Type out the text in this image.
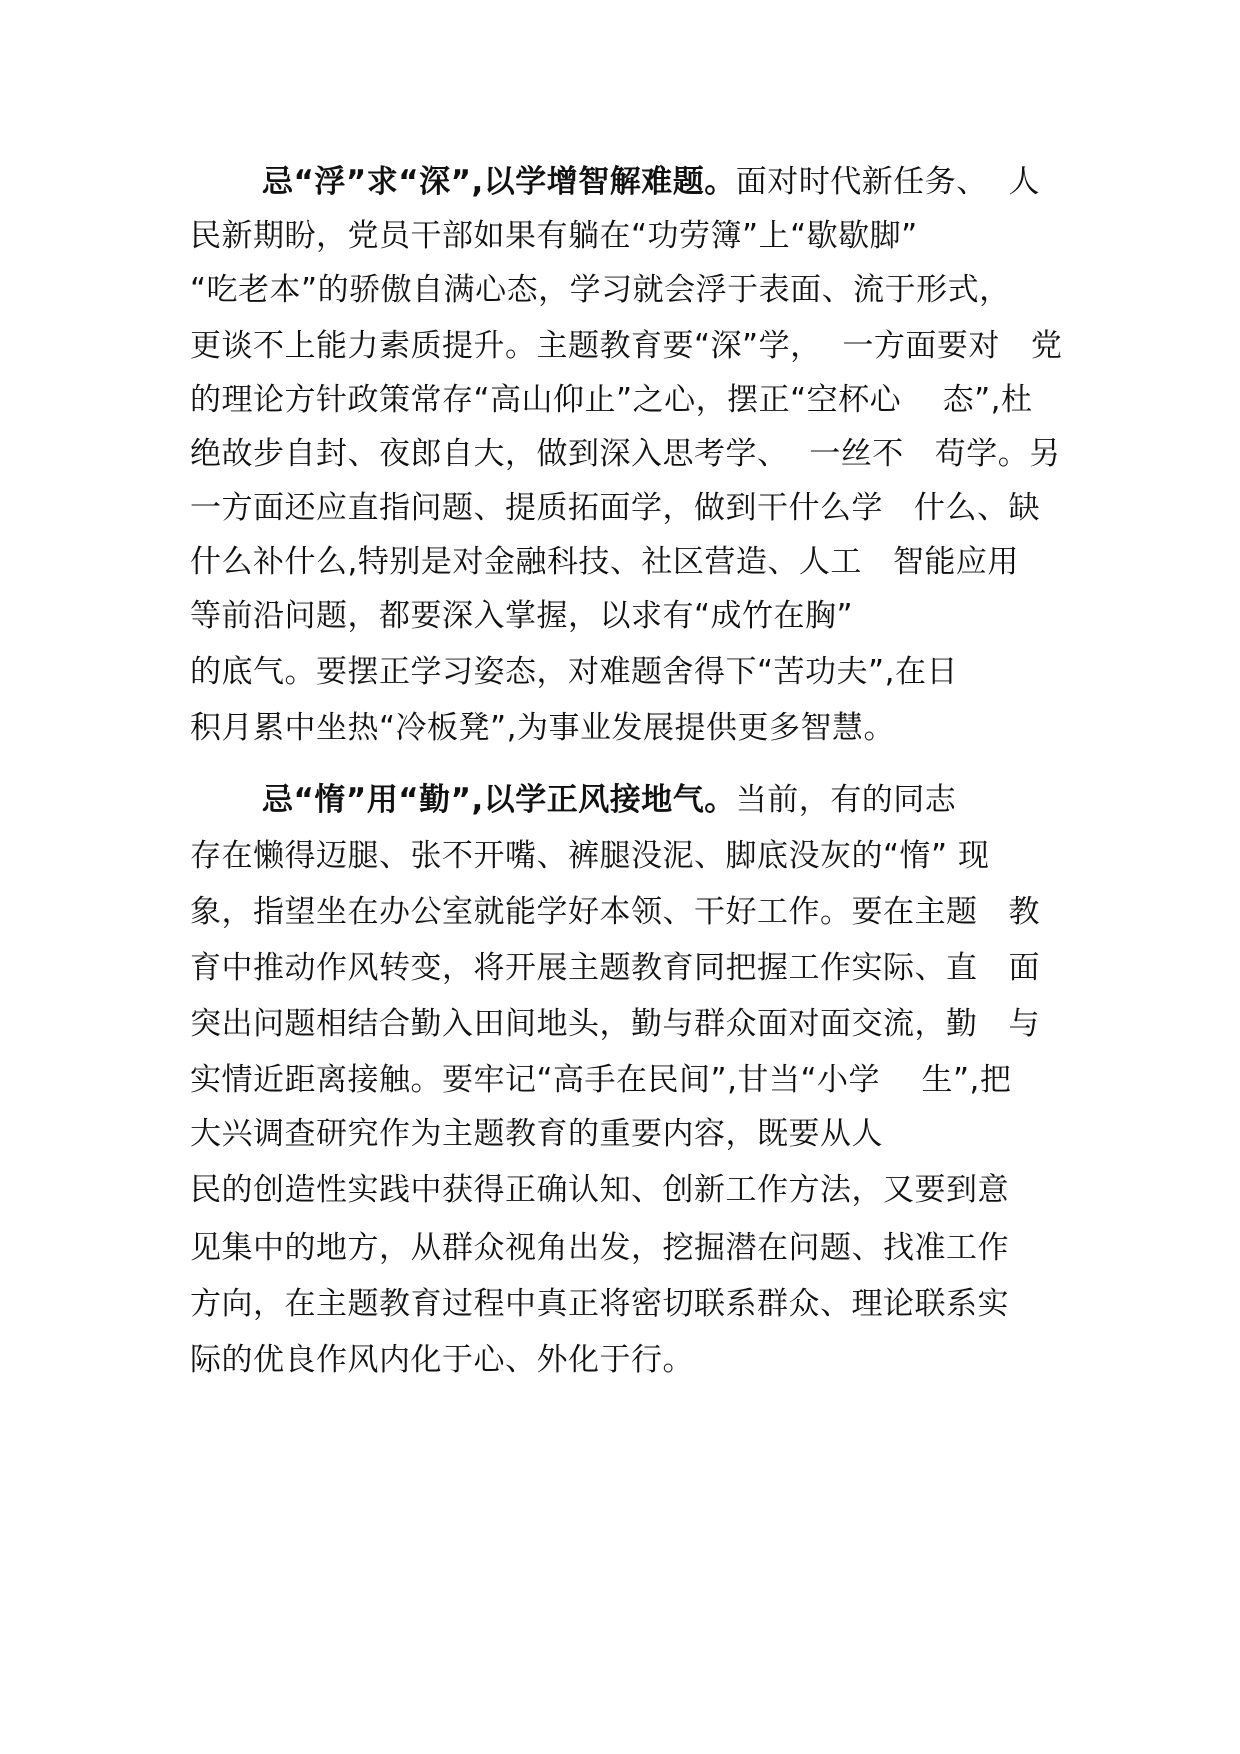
忌“浮”求“深”,以学增智解难题。面对时代新任务、  人
民新期盼，党员干部如果有躺在“功劳簿”上“歇歇脚”
“吃老本”的骄傲自满心态，学习就会浮于表面、流于形式，
更谈不上能力素质提升。主题教育要“深”学，  一方面要对   党
的理论方针政策常存“高山仰止”之心，摆正“空杯心    态”,杜
绝故步自封、夜郎自大，做到深入思考学、  一丝不   苟学。另
一方面还应直指问题、提质拓面学，做到干什么学   什么、缺
什么补什么,特别是对金融科技、社区营造、人工   智能应用
等前沿问题，都要深入掌握，以求有“成竹在胸”
的底气。要摆正学习姿态，对难题舍得下“苦功夫”,在日
积月累中坐热“冷板凳”,为事业发展提供更多智慧。
忌“惰”用“勤”,以学正风接地气。当前，有的同志
存在懒得迈腿、张不开嘴、裤腿没泥、脚底没灰的“惰” 现
象，指望坐在办公室就能学好本领、干好工作。要在主题   教
育中推动作风转变，将开展主题教育同把握工作实际、直   面
突出问题相结合勤入田间地头，勤与群众面对面交流，勤   与
实情近距离接触。要牢记“高手在民间”,甘当“小学    生”,把
大兴调查研究作为主题教育的重要内容，既要从人
民的创造性实践中获得正确认知、创新工作方法，又要到意
见集中的地方，从群众视角出发，挖掘潜在问题、找准工作
方向，在主题教育过程中真正将密切联系群众、理论联系实
际的优良作风内化于心、外化于行。
